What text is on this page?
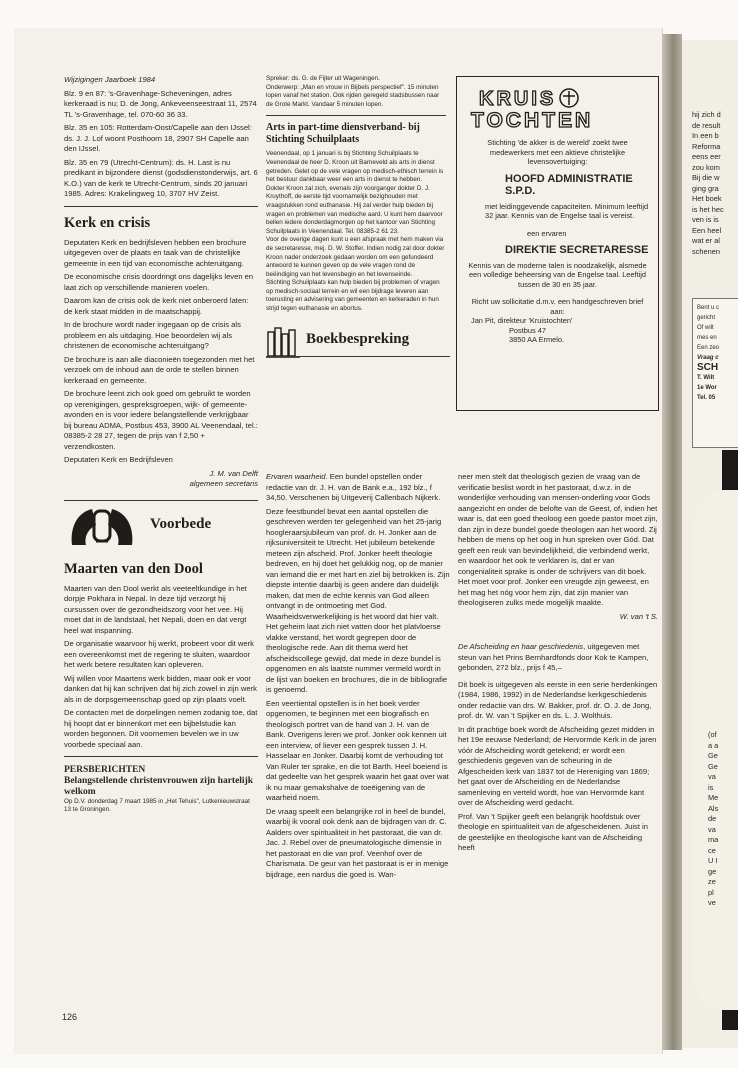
Wijzigingen Jaarboek 1984

Blz. 9 en 87: 's-Gravenhage-Scheveningen, adres kerkeraad is nu; D. de Jong, Ankeveenseestraat 11, 2574 TL 's-Gravenhage, tel. 070-60 36 33.

Blz. 35 en 105: Rotterdam-Oost/Capelle aan den IJssel: ds. J. J. Lof woont Posthoorn 18, 2907 SH Capelle aan den IJssel.

Blz. 35 en 79 (Utrecht-Centrum): ds. H. Last is nu predikant in bijzondere dienst (godsdienstonderwijs, art. 6 K.O.) van de kerk te Utrecht-Centrum, sinds 20 januari 1985. Adres: Krakelingweg 10, 3707 HV Zeist.

Kerk en crisis

Deputaten Kerk en bedrijfsleven hebben een brochure uitgegeven over de plaats en taak van de christelijke gemeente in een tijd van economische achteruitgang.

De economische crisis doordringt ons dagelijks leven en laat zich op verschillende manieren voelen.

Daarom kan de crisis ook de kerk niet onberoerd laten: de kerk staat midden in de maatschappij.

In de brochure wordt nader ingegaan op de crisis als probleem en als uitdaging. Hoe beoordelen wij als christenen de economische achteruitgang?

De brochure is aan alle diaconieën toegezonden met het verzoek om de inhoud aan de orde te stellen binnen kerkeraad en gemeente.

De brochure leent zich ook goed om gebruikt te worden op verenigingen, gespreksgroepen, wijk- of gemeente-avonden en is voor iedere belangstellende verkrijgbaar bij bureau ADMA, Postbus 453, 3900 AL Veenendaal, tel.: 08385-2 28 27, tegen de prijs van f 2,50 + verzendkosten.

Deputaten Kerk en Bedrijfsleven

J. M. van Delft

algemeen secretaris

Voorbede
Maarten van den Dool

Maarten van den Dool werkt als veeteeltkundige in het dorpje Pokhara in Nepal. In deze tijd verzorgt hij cursussen over de gezondheidszorg voor het vee. Hij moet dat in de landstaal, het Nepali, doen en dat vergt heel wat inspanning.

De organisatie waarvoor hij werkt, probeert voor dit werk een overeenkomst met de regering te sluiten, waardoor het werk betere resultaten kan opleveren.

Wij willen voor Maartens werk bidden, maar ook er voor danken dat hij kan schrijven dat hij zich zowel in zijn werk als in de dorpsgemeenschap goed op zijn plaats voelt.

De contacten met de dorpelingen nemen zodanig toe, dat hij hoopt dat er binnenkort met een bijbelstudie kan worden begonnen. Dit voornemen bevelen we in uw voorbede speciaal aan.

PERSBERICHTEN
Belangstellende christenvrouwen zijn hartelijk welkom

Op D.V. donderdag 7 maart 1985 in „Het Tehuis”, Lutkenieuwstraat 13 te Groningen.

Spreker: ds. G. de Fijter uit Wageningen.

Onderwerp: „Man en vrouw in Bijbels perspectief”. 15 minuten lopen vanaf het station. Ook rijden geregeld stadsbussen naar de Grote Markt. Vandaar 5 minuten lopen.

Arts in part-time dienstverband- bij Stichting Schuilplaats

Veenendaal, op 1 januari is bij Stichting Schuilplaats te Veenendaal de heer D. Kroon uit Barneveld als arts in dienst getreden. Gelet op de vele vragen op medisch-ethisch terrein is het bestuur dankbaar weer een arts in dienst te hebben.

Dokter Kroon zal zich, evenals zijn voorganger dokter D. J. Kruythoff, de eerste tijd voornamelijk bezighouden met vraagstukken rond euthanasie. Hij zal verder hulp bieden bij vragen en problemen van medische aard. U kunt hem daarvoor bellen iedere donderdagmorgen op het kantoor van Stichting Schuilplaats in Veenendaal. Tel. 08385-2 61 23.

Voor de overige dagen kunt u een afspraak met hem maken via de secretaresse, mej. D. W. Stoffer. Indien nodig zal door dokter Kroon nader onderzoek gedaan worden om een gefundeerd antwoord te kunnen geven op de vele vragen rond de beëindiging van het levensbegin en het levenseinde.

Stichting Schuilplaats kan hulp bieden bij problemen of vragen op medisch-sociaal terrein en wil een bijdrage leveren aan toerusting en advisering van gemeenten en kerkeraden in hun strijd tegen euthanasie en abortus.

Boekbespreking
KRUIS
TOCHTEN
Stichting 'de akker is de wereld' zoekt twee medewerkers met een aktieve christelijke levensovertuiging:
HOOFD ADMINISTRATIE S.P.D.
met leidinggevende capaciteiten. Minimum leeftijd 32 jaar. Kennis van de Engelse taal is vereist.
een ervaren
DIREKTIE SECRETARESSE
Kennis van de moderne talen is noodzakelijk, alsmede een volledige beheersing van de Engelse taal. Leeftijd tussen de 30 en 35 jaar.
Richt uw sollicitatie d.m.v. een handgeschreven brief aan:
Jan Pit, direkteur 'Kruistochten'
Postbus 47
3850 AA Ermelo.

Ervaren waarheid. Een bundel opstellen onder redactie van dr. J. H. van de Bank e.a., 192 blz., f 34,50. Verschenen bij Uitgeverij Callenbach Nijkerk.

Deze feestbundel bevat een aantal opstellen die geschreven werden ter gelegenheid van het 25-jarig hoogleraarsjubileum van prof. dr. H. Jonker aan de rijksuniversiteit te Utrecht. Het jubileum betekende meteen zijn afscheid. Prof. Jonker heeft theologie bedreven, en hij doet het gelukkig nog, op de manier van iemand die er met hart en ziel bij betrokken is. Zijn diepste intentie daarbij is geen andere dan duidelijk maken, dat men de echte kennis van God alleen ontvangt in de ontmoeting met God. Waarheidsverwerkelijking is het woord dat hier valt. Het geheim laat zich niet vatten door het platvloerse vlakke verstand, het wordt gegrepen door de theologische rede. Aan dit thema werd het afscheidscollege gewijd, dat mede in deze bundel is opgenomen en als laatste nummer vermeld wordt in de lijst van boeken en brochures, die in de bibliografie is genoemd.

Een veertiental opstellen is in het boek verder opgenomen, te beginnen met een biografisch en theologisch portret van de hand van J. H. van de Bank. Overigens leren we prof. Jonker ook kennen uit een interview, of liever een gesprek tussen J. H. Hasselaar en Jonker. Daarbij komt de verhouding tot Van Ruler ter sprake, en die tot Barth. Heel boeiend is dat gedeelte van het gesprek waarin het gaat over wat ik nu maar gemakshalve de toeëigening van de waarheid noem.

De vraag speelt een belangrijke rol in heel de bundel, waarbij ik vooral ook denk aan de bijdragen van dr. C. Aalders over spiritualiteit in het pastoraat, die van dr. Jac. J. Rebel over de pneumatologische dimensie in het pastoraat en die van prof. Veenhof over de Charismata. De geur van het pastoraat is er in menige bijdrage, een nardus die goed is. Wan-

neer men stelt dat theologisch gezien de vraag van de verificatie beslist wordt in het pastoraat, d.w.z. in de wonderlijke verhouding van mensen-onderling voor Gods aangezicht en onder de belofte van de Geest, of, indien het waar is, dat een goed theoloog een goede pastor moet zijn, dan zijn in deze bundel goede theologen aan het woord. Zij hebben de mens op het oog in hun spreken over Gód. Dat geeft een reuk van bevindelijkheid, die verbindend werkt, en waardoor het ook te verklaren is, dat er van congenialiteit sprake is onder de schrijvers van dit boek. Het moet voor prof. Jonker een vreugde zijn geweest, en het mag het nóg voor hem zijn, dat zijn manier van theologiseren zulks mede mogelijk maakte.

W. van 't S.

De Afscheiding en haar geschiedenis, uitgegeven met steun van het Prins Bernhardfonds door Kok te Kampen, gebonden, 272 blz., prijs f 45,–

Dit boek is uitgegeven als eerste in een serie herdenkingen (1984, 1986, 1992) in de Nederlandse kerkgeschiedenis onder redactie van drs. W. Bakker, prof. dr. O. J. de Jong, prof. dr. W. van 't Spijker en ds. L. J. Wolthuis.

In dit prachtige boek wordt de Afscheiding gezet midden in het 19e eeuwse Nederland; de Hervormde Kerk in de jaren vóór de Afscheiding wordt getekend; er wordt een geschiedenis gegeven van de scheuring in de Afgescheiden kerk van 1837 tot de Hereniging van 1869; het gaat over de Afscheiding en de Nederlandse samenleving en verteld wordt, hoe van Hervormde kant over de Afscheiding werd gedacht.

Prof. Van 't Spijker geeft een belangrijk hoofdstuk over theologie en spiritualiteit van de afgescheidenen. Juist in de geestelijke en theologische kant van de Afscheiding heeft

126
hij zich d
de result
In een b
Reforma
eens eer
zou kom
Bij die w
ging gra
Het boek
is het hec
ven is is
Een heel
wat er al
schenen
Bent u c
gericht
Of wilt
mes en
Een zeo
Vraag c
SCH
T. Wilt
1e Wor
Tel. 05
(of
a a
Ge
Ge
va
is
Me
Als
de
va
ma
ce
U I
ge
ze
pl
ve
GE
ANT
